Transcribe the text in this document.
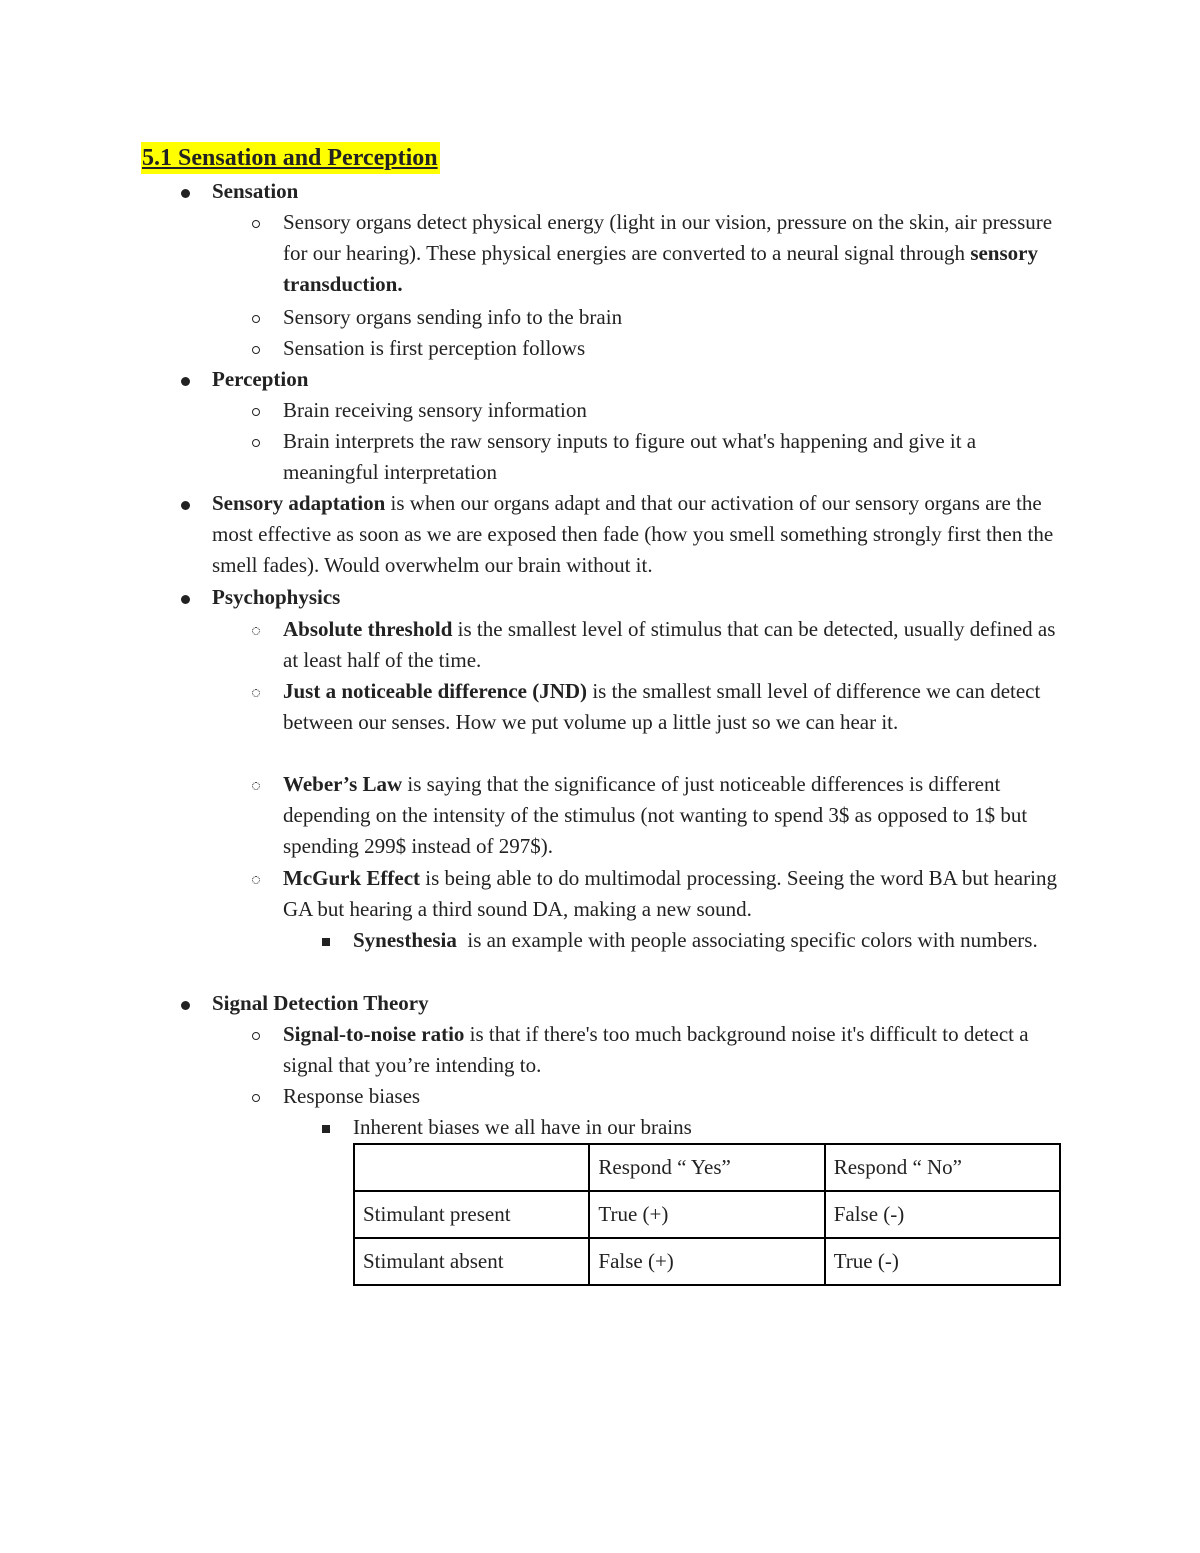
5.1 Sensation and Perception

Sensation

Sensory organs detect physical energy (light in our vision, pressure on the skin, air pressure for our hearing). These physical energies are converted to a neural signal through sensory transduction.

Sensory organs sending info to the brain

Sensation is first perception follows

Perception

Brain receiving sensory information

Brain interprets the raw sensory inputs to figure out what's happening and give it a meaningful interpretation

Sensory adaptation is when our organs adapt and that our activation of our sensory organs are the most effective as soon as we are exposed then fade (how you smell something strongly first then the smell fades). Would overwhelm our brain without it.

Psychophysics

Absolute threshold is the smallest level of stimulus that can be detected, usually defined as at least half of the time.

Just a noticeable difference (JND) is the smallest small level of difference we can detect between our senses. How we put volume up a little just so we can hear it.

Weber’s Law is saying that the significance of just noticeable differences is different depending on the intensity of the stimulus (not wanting to spend 3$ as opposed to 1$ but spending 299$ instead of 297$).

McGurk Effect is being able to do multimodal processing. Seeing the word BA but hearing GA but hearing a third sound DA, making a new sound.

Synesthesia  is an example with people associating specific colors with numbers.

Signal Detection Theory

Signal-to-noise ratio is that if there's too much background noise it's difficult to detect a signal that you’re intending to.

Response biases

Inherent biases we all have in our brains

	Respond “ Yes”	Respond “ No”
Stimulant present	True (+)	False (-)
Stimulant absent	False (+)	True (-)
